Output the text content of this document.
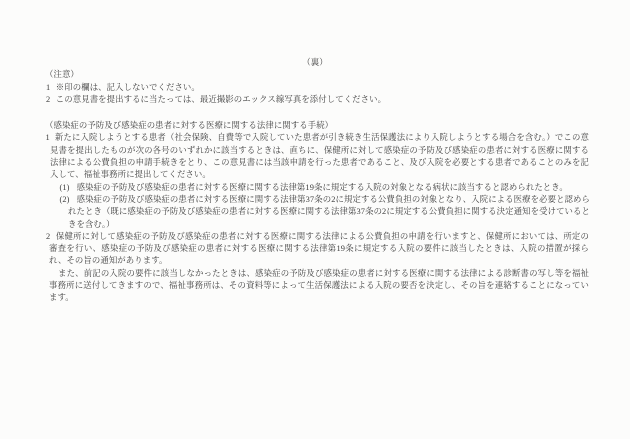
（裏）
（注意）
1 ※印の欄は、記入しないでください。
2 この意見書を提出するに当たっては、最近撮影のエックス線写真を添付してください。
（感染症の予防及び感染症の患者に対する医療に関する法律に関する手続）
1 新たに入院しようとする患者（社会保険、自費等で入院していた患者が引き続き生活保護法により入院しようとする場合を含む。）でこの意見書を提出したものが次の各号のいずれかに該当するときは、直ちに、保健所に対して感染症の予防及び感染症の患者に対する医療に関する法律による公費負担の申請手続きをとり、この意見書には当該申請を行った患者であること、及び入院を必要とする患者であることのみを記入して、福祉事務所に提出してください。
(1) 感染症の予防及び感染症の患者に対する医療に関する法律第19条に規定する入院の対象となる病状に該当すると認められたとき。
(2) 感染症の予防及び感染症の患者に対する医療に関する法律第37条の2に規定する公費負担の対象となり、入院による医療を必要と認められたとき（既に感染症の予防及び感染症の患者に対する医療に関する法律第37条の2に規定する公費負担に関する決定通知を受けているときを含む。）
2 保健所に対して感染症の予防及び感染症の患者に対する医療に関する法律による公費負担の申請を行いますと、保健所においては、所定の審査を行い、感染症の予防及び感染症の患者に対する医療に関する法律第19条に規定する入院の要件に該当したときは、入院の措置が採られ、その旨の通知があります。
また、前記の入院の要件に該当しなかったときは、感染症の予防及び感染症の患者に対する医療に関する法律による診断書の写し等を福祉事務所に送付してきますので、福祉事務所は、その資料等によって生活保護法による入院の要否を決定し、その旨を連絡することになっています。
